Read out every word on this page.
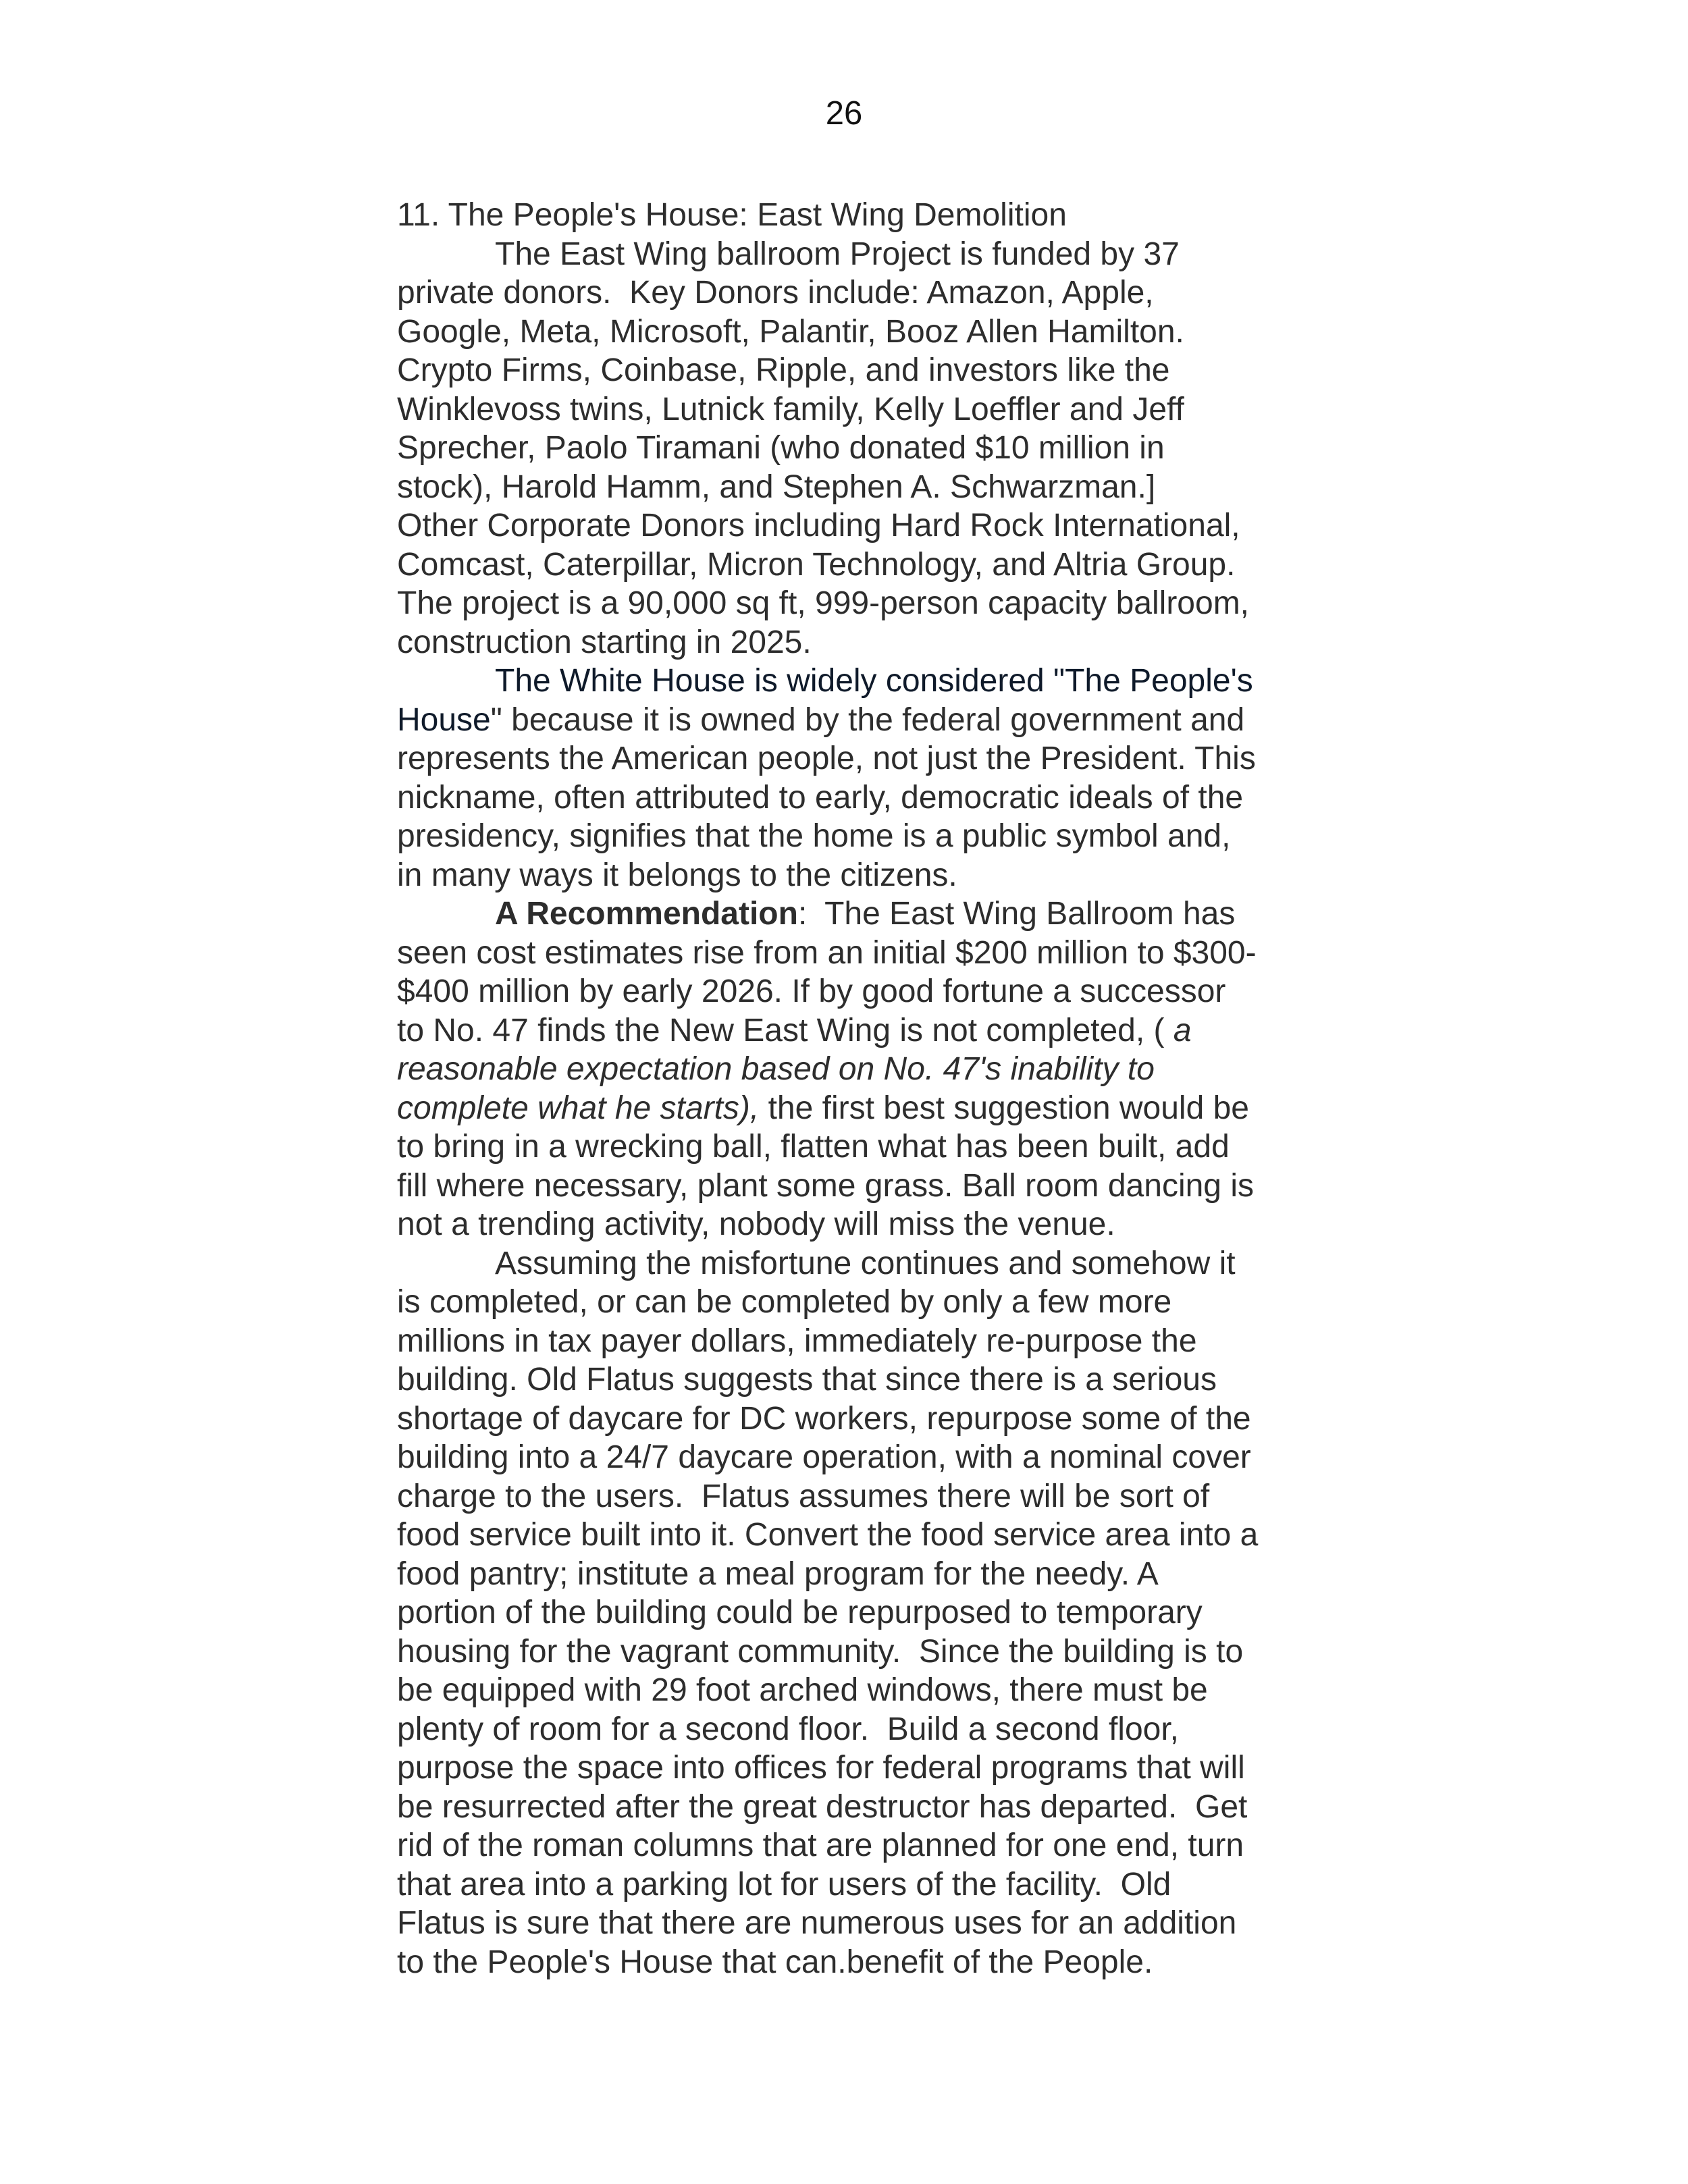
26
11. The People's House: East Wing Demolition
The East Wing ballroom Project is funded by 37
private donors.  Key Donors include: Amazon, Apple,
Google, Meta, Microsoft, Palantir, Booz Allen Hamilton.
Crypto Firms, Coinbase, Ripple, and investors like the
Winklevoss twins, Lutnick family, Kelly Loeffler and Jeff
Sprecher, Paolo Tiramani (who donated $10 million in
stock), Harold Hamm, and Stephen A. Schwarzman.]
Other Corporate Donors including Hard Rock International,
Comcast, Caterpillar, Micron Technology, and Altria Group.
The project is a 90,000 sq ft, 999-person capacity ballroom,
construction starting in 2025.
The White House is widely considered "The People's
House" because it is owned by the federal government and
represents the American people, not just the President. This
nickname, often attributed to early, democratic ideals of the
presidency, signifies that the home is a public symbol and,
in many ways it belongs to the citizens.
A Recommendation:  The East Wing Ballroom has
seen cost estimates rise from an initial $200 million to $300-
$400 million by early 2026. If by good fortune a successor
to No. 47 finds the New East Wing is not completed, ( a
reasonable expectation based on No. 47's inability to
complete what he starts), the first best suggestion would be
to bring in a wrecking ball, flatten what has been built, add
fill where necessary, plant some grass. Ball room dancing is
not a trending activity, nobody will miss the venue.
Assuming the misfortune continues and somehow it
is completed, or can be completed by only a few more
millions in tax payer dollars, immediately re-purpose the
building. Old Flatus suggests that since there is a serious
shortage of daycare for DC workers, repurpose some of the
building into a 24/7 daycare operation, with a nominal cover
charge to the users.  Flatus assumes there will be sort of
food service built into it. Convert the food service area into a
food pantry; institute a meal program for the needy. A
portion of the building could be repurposed to temporary
housing for the vagrant community.  Since the building is to
be equipped with 29 foot arched windows, there must be
plenty of room for a second floor.  Build a second floor,
purpose the space into offices for federal programs that will
be resurrected after the great destructor has departed.  Get
rid of the roman columns that are planned for one end, turn
that area into a parking lot for users of the facility.  Old
Flatus is sure that there are numerous uses for an addition
to the People's House that can.benefit of the People.
